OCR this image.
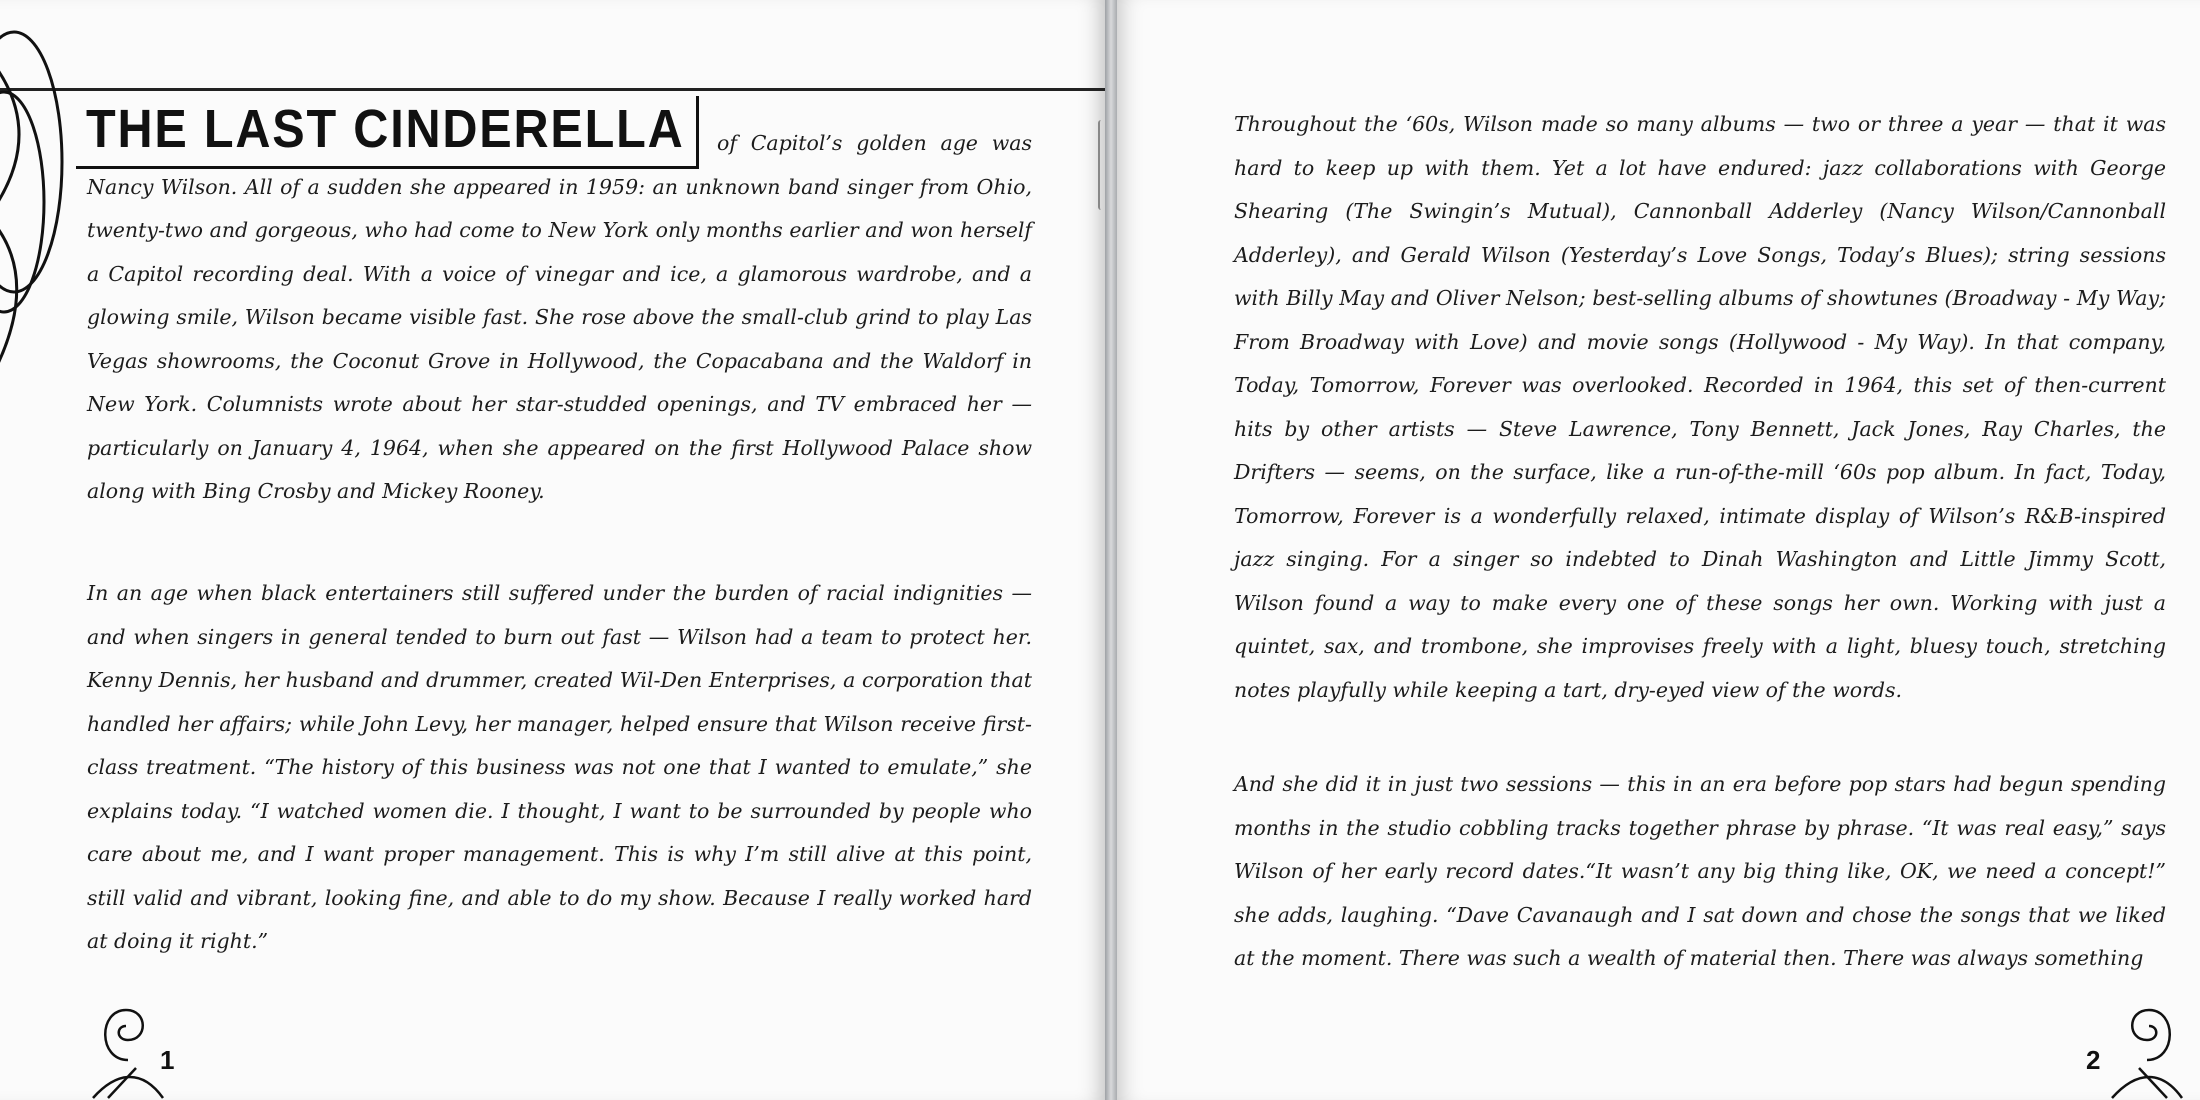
THE LAST CINDERELLA	of Capitol’s golden age was Nancy Wilson. All of a sudden she appeared in 1959: an unknown band singer from Ohio, twenty-two and gorgeous, who had come to New York only months earlier and won herself a Capitol recording deal. With a voice of vinegar and ice, a glamorous wardrobe, and a glowing smile, Wilson became visible fast. She rose above the small-club grind to play Las Vegas showrooms, the Coconut Grove in Hollywood, the Copacabana and the Waldorf in New York. Columnists wrote about her star-studded openings, and TV embraced her — particularly on January 4, 1964, when she appeared on the first Hollywood Palace show along with Bing Crosby and Mickey Rooney.

In an age when black entertainers still suffered under the burden of racial indignities — and when singers in general tended to burn out fast — Wilson had a team to protect her. Kenny Dennis, her husband and drummer, created Wil-Den Enterprises, a corporation that handled her affairs; while John Levy, her manager, helped ensure that Wilson receive first-class treatment. “The history of this business was not one that I wanted to emulate,” she explains today. “I watched women die. I thought, I want to be surrounded by people who care about me, and I want proper management. This is why I’m still alive at this point, still valid and vibrant, looking fine, and able to do my show. Because I really worked hard at doing it right.”

1

Throughout the ‘60s, Wilson made so many albums — two or three a year — that it was hard to keep up with them. Yet a lot have endured: jazz collaborations with George Shearing (The Swingin’s Mutual), Cannonball Adderley (Nancy Wilson/Cannonball Adderley), and Gerald Wilson (Yesterday’s Love Songs, Today’s Blues); string sessions with Billy May and Oliver Nelson; best-selling albums of showtunes (Broadway - My Way; From Broadway with Love) and movie songs (Hollywood - My Way). In that company, Today, Tomorrow, Forever was overlooked. Recorded in 1964, this set of then-current hits by other artists — Steve Lawrence, Tony Bennett, Jack Jones, Ray Charles, the Drifters — seems, on the surface, like a run-of-the-mill ‘60s pop album. In fact, Today, Tomorrow, Forever is a wonderfully relaxed, intimate display of Wilson’s R&B-inspired jazz singing. For a singer so indebted to Dinah Washington and Little Jimmy Scott, Wilson found a way to make every one of these songs her own. Working with just a quintet, sax, and trombone, she improvises freely with a light, bluesy touch, stretching notes playfully while keeping a tart, dry-eyed view of the words.

And she did it in just two sessions — this in an era before pop stars had begun spending months in the studio cobbling tracks together phrase by phrase. “It was real easy,” says Wilson of her early record dates.“It wasn’t any big thing like, OK, we need a concept!” she adds, laughing. “Dave Cavanaugh and I sat down and chose the songs that we liked at the moment. There was such a wealth of material then. There was always something

2
